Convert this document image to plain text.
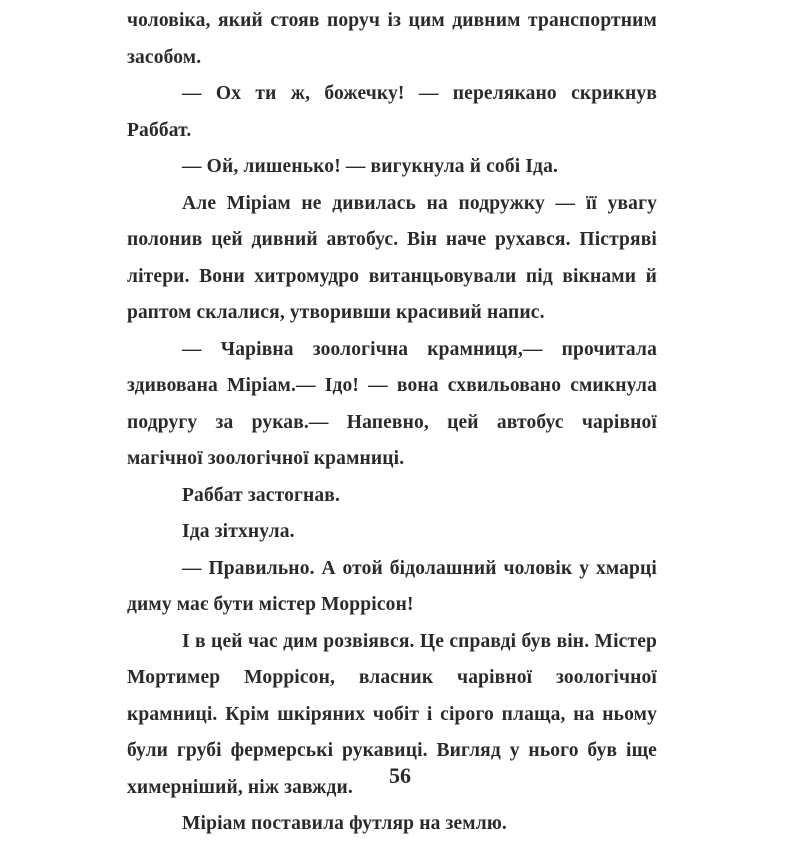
чоловіка, який стояв поруч із цим дивним транспортним засобом.

— Ох ти ж, божечку! — перелякано скрикнув Раббат.

— Ой, лишенько! — вигукнула й собі Іда.

Але Міріам не дивилась на подружку — її увагу полонив цей дивний автобус. Він наче рухався. Пістряві літери. Вони хитромудро витанцьовували під вікнами й раптом склалися, утворивши красивий напис.

— Чарівна зоологічна крамниця,— прочитала здивована Міріам.— Ідо! — вона схвильовано смикнула подругу за рукав.— Напевно, цей автобус чарівної магічної зоологічної крамниці.

Раббат застогнав.

Іда зітхнула.

— Правильно. А отой бідолашний чоловік у хмарці диму має бути містер Моррісон!

І в цей час дим розвіявся. Це справді був він. Містер Мортимер Моррісон, власник чарівної зоологічної крамниці. Крім шкіряних чобіт і сірого плаща, на ньому були грубі фермерські рукавиці. Вигляд у нього був іще химерніший, ніж завжди.

Міріам поставила футляр на землю.

56
